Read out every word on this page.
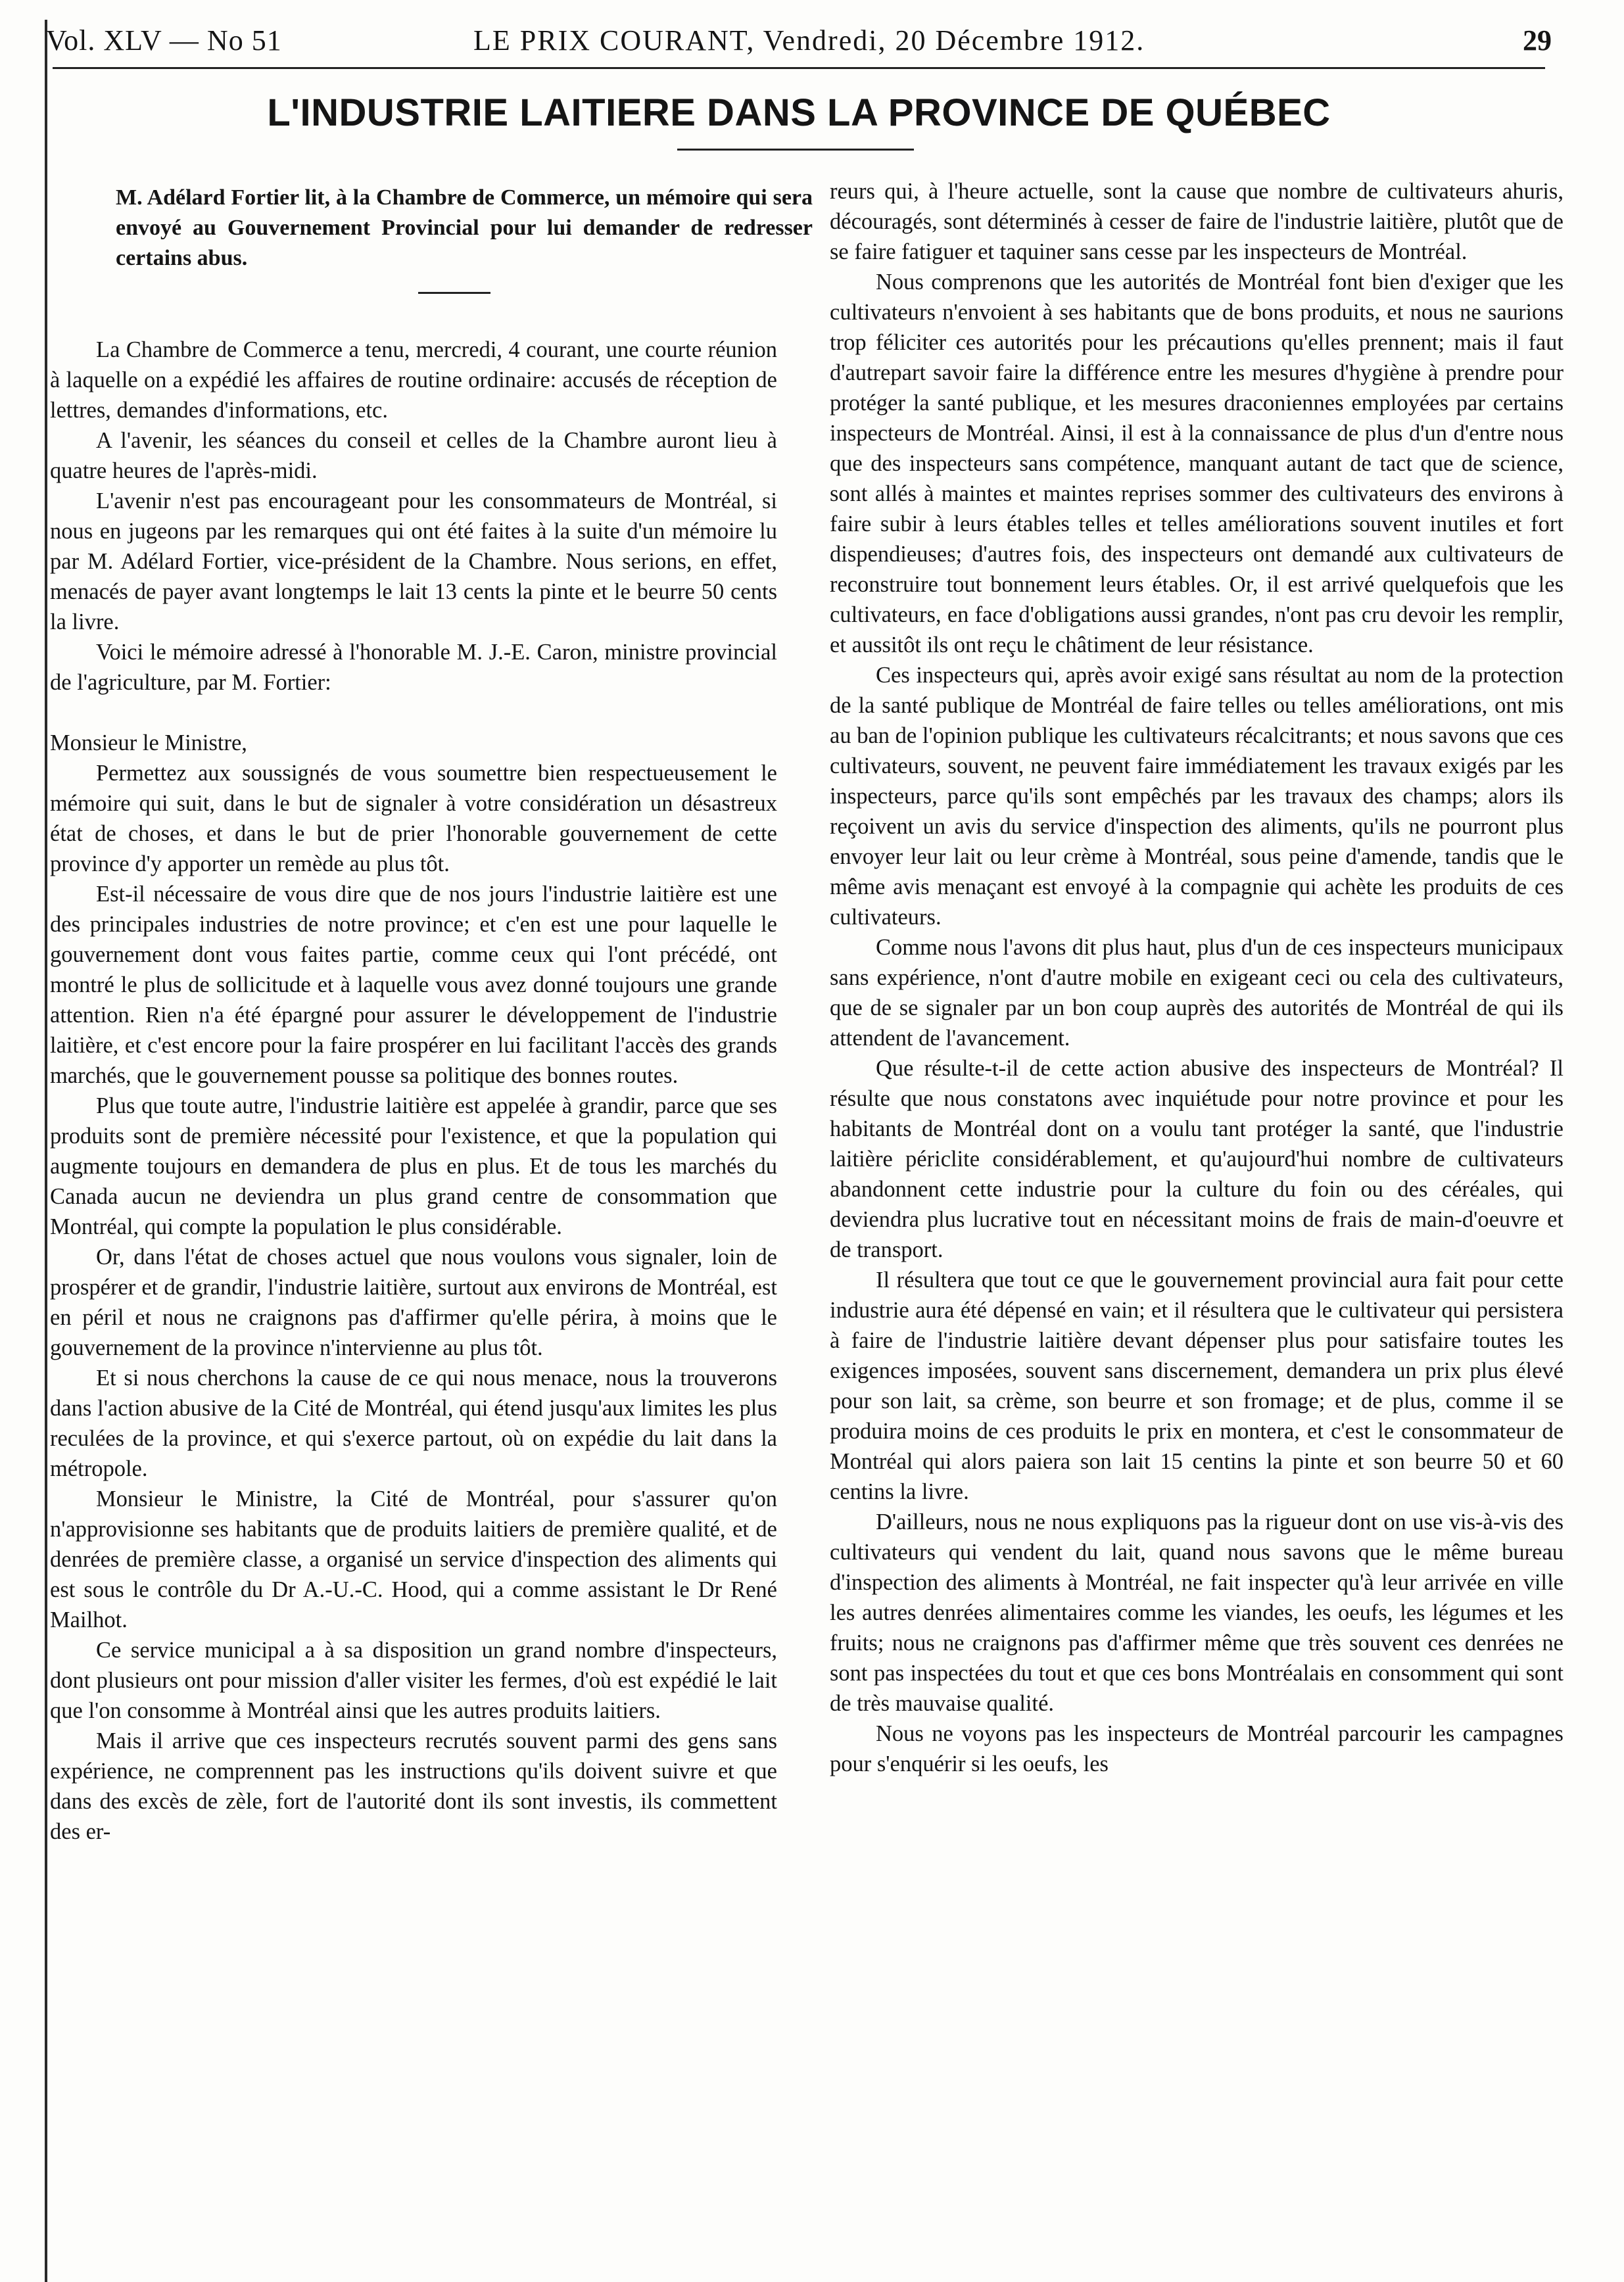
Vol. XLV — No 51	LE PRIX COURANT, Vendredi, 20 Décembre 1912.	29
L'INDUSTRIE LAITIERE DANS LA PROVINCE DE QUÉBEC
M. Adélard Fortier lit, à la Chambre de Commerce, un mémoire qui sera envoyé au Gouvernement Provincial pour lui demander de redresser certains abus.

La Chambre de Commerce a tenu, mercredi, 4 courant, une courte réunion à laquelle on a expédié les affaires de routine ordinaire: accusés de réception de lettres, demandes d'informations, etc.

A l'avenir, les séances du conseil et celles de la Chambre auront lieu à quatre heures de l'après-midi.

L'avenir n'est pas encourageant pour les consommateurs de Montréal, si nous en jugeons par les remarques qui ont été faites à la suite d'un mémoire lu par M. Adélard Fortier, vice-président de la Chambre. Nous serions, en effet, menacés de payer avant longtemps le lait 13 cents la pinte et le beurre 50 cents la livre.

Voici le mémoire adressé à l'honorable M. J.-E. Caron, ministre provincial de l'agriculture, par M. Fortier:

Monsieur le Ministre,

Permettez aux soussignés de vous soumettre bien respectueusement le mémoire qui suit, dans le but de signaler à votre considération un désastreux état de choses, et dans le but de prier l'honorable gouvernement de cette province d'y apporter un remède au plus tôt.

Est-il nécessaire de vous dire que de nos jours l'industrie laitière est une des principales industries de notre province; et c'en est une pour laquelle le gouvernement dont vous faites partie, comme ceux qui l'ont précédé, ont montré le plus de sollicitude et à laquelle vous avez donné toujours une grande attention. Rien n'a été épargné pour assurer le développement de l'industrie laitière, et c'est encore pour la faire prospérer en lui facilitant l'accès des grands marchés, que le gouvernement pousse sa politique des bonnes routes.

Plus que toute autre, l'industrie laitière est appelée à grandir, parce que ses produits sont de première nécessité pour l'existence, et que la population qui augmente toujours en demandera de plus en plus. Et de tous les marchés du Canada aucun ne deviendra un plus grand centre de consommation que Montréal, qui compte la population le plus considérable.

Or, dans l'état de choses actuel que nous voulons vous signaler, loin de prospérer et de grandir, l'industrie laitière, surtout aux environs de Montréal, est en péril et nous ne craignons pas d'affirmer qu'elle périra, à moins que le gouvernement de la province n'intervienne au plus tôt.

Et si nous cherchons la cause de ce qui nous menace, nous la trouverons dans l'action abusive de la Cité de Montréal, qui étend jusqu'aux limites les plus reculées de la province, et qui s'exerce partout, où on expédie du lait dans la métropole.

Monsieur le Ministre, la Cité de Montréal, pour s'assurer qu'on n'approvisionne ses habitants que de produits laitiers de première qualité, et de denrées de première classe, a organisé un service d'inspection des aliments qui est sous le contrôle du Dr A.-U.-C. Hood, qui a comme assistant le Dr René Mailhot.

Ce service municipal a à sa disposition un grand nombre d'inspecteurs, dont plusieurs ont pour mission d'aller visiter les fermes, d'où est expédié le lait que l'on consomme à Montréal ainsi que les autres produits laitiers.

Mais il arrive que ces inspecteurs recrutés souvent parmi des gens sans expérience, ne comprennent pas les instructions qu'ils doivent suivre et que dans des excès de zèle, fort de l'autorité dont ils sont investis, ils commettent des er-

reurs qui, à l'heure actuelle, sont la cause que nombre de cultivateurs ahuris, découragés, sont déterminés à cesser de faire de l'industrie laitière, plutôt que de se faire fatiguer et taquiner sans cesse par les inspecteurs de Montréal.

Nous comprenons que les autorités de Montréal font bien d'exiger que les cultivateurs n'envoient à ses habitants que de bons produits, et nous ne saurions trop féliciter ces autorités pour les précautions qu'elles prennent; mais il faut d'autrepart savoir faire la différence entre les mesures d'hygiène à prendre pour protéger la santé publique, et les mesures draconiennes employées par certains inspecteurs de Montréal. Ainsi, il est à la connaissance de plus d'un d'entre nous que des inspecteurs sans compétence, manquant autant de tact que de science, sont allés à maintes et maintes reprises sommer des cultivateurs des environs à faire subir à leurs étables telles et telles améliorations souvent inutiles et fort dispendieuses; d'autres fois, des inspecteurs ont demandé aux cultivateurs de reconstruire tout bonnement leurs étables. Or, il est arrivé quelquefois que les cultivateurs, en face d'obligations aussi grandes, n'ont pas cru devoir les remplir, et aussitôt ils ont reçu le châtiment de leur résistance.

Ces inspecteurs qui, après avoir exigé sans résultat au nom de la protection de la santé publique de Montréal de faire telles ou telles améliorations, ont mis au ban de l'opinion publique les cultivateurs récalcitrants; et nous savons que ces cultivateurs, souvent, ne peuvent faire immédiatement les travaux exigés par les inspecteurs, parce qu'ils sont empêchés par les travaux des champs; alors ils reçoivent un avis du service d'inspection des aliments, qu'ils ne pourront plus envoyer leur lait ou leur crème à Montréal, sous peine d'amende, tandis que le même avis menaçant est envoyé à la compagnie qui achète les produits de ces cultivateurs.

Comme nous l'avons dit plus haut, plus d'un de ces inspecteurs municipaux sans expérience, n'ont d'autre mobile en exigeant ceci ou cela des cultivateurs, que de se signaler par un bon coup auprès des autorités de Montréal de qui ils attendent de l'avancement.

Que résulte-t-il de cette action abusive des inspecteurs de Montréal? Il résulte que nous constatons avec inquiétude pour notre province et pour les habitants de Montréal dont on a voulu tant protéger la santé, que l'industrie laitière périclite considérablement, et qu'aujourd'hui nombre de cultivateurs abandonnent cette industrie pour la culture du foin ou des céréales, qui deviendra plus lucrative tout en nécessitant moins de frais de main-d'oeuvre et de transport.

Il résultera que tout ce que le gouvernement provincial aura fait pour cette industrie aura été dépensé en vain; et il résultera que le cultivateur qui persistera à faire de l'industrie laitière devant dépenser plus pour satisfaire toutes les exigences imposées, souvent sans discernement, demandera un prix plus élevé pour son lait, sa crème, son beurre et son fromage; et de plus, comme il se produira moins de ces produits le prix en montera, et c'est le consommateur de Montréal qui alors paiera son lait 15 centins la pinte et son beurre 50 et 60 centins la livre.

D'ailleurs, nous ne nous expliquons pas la rigueur dont on use vis-à-vis des cultivateurs qui vendent du lait, quand nous savons que le même bureau d'inspection des aliments à Montréal, ne fait inspecter qu'à leur arrivée en ville les autres denrées alimentaires comme les viandes, les oeufs, les légumes et les fruits; nous ne craignons pas d'affirmer même que très souvent ces denrées ne sont pas inspectées du tout et que ces bons Montréalais en consomment qui sont de très mauvaise qualité.

Nous ne voyons pas les inspecteurs de Montréal parcourir les campagnes pour s'enquérir si les oeufs, les
